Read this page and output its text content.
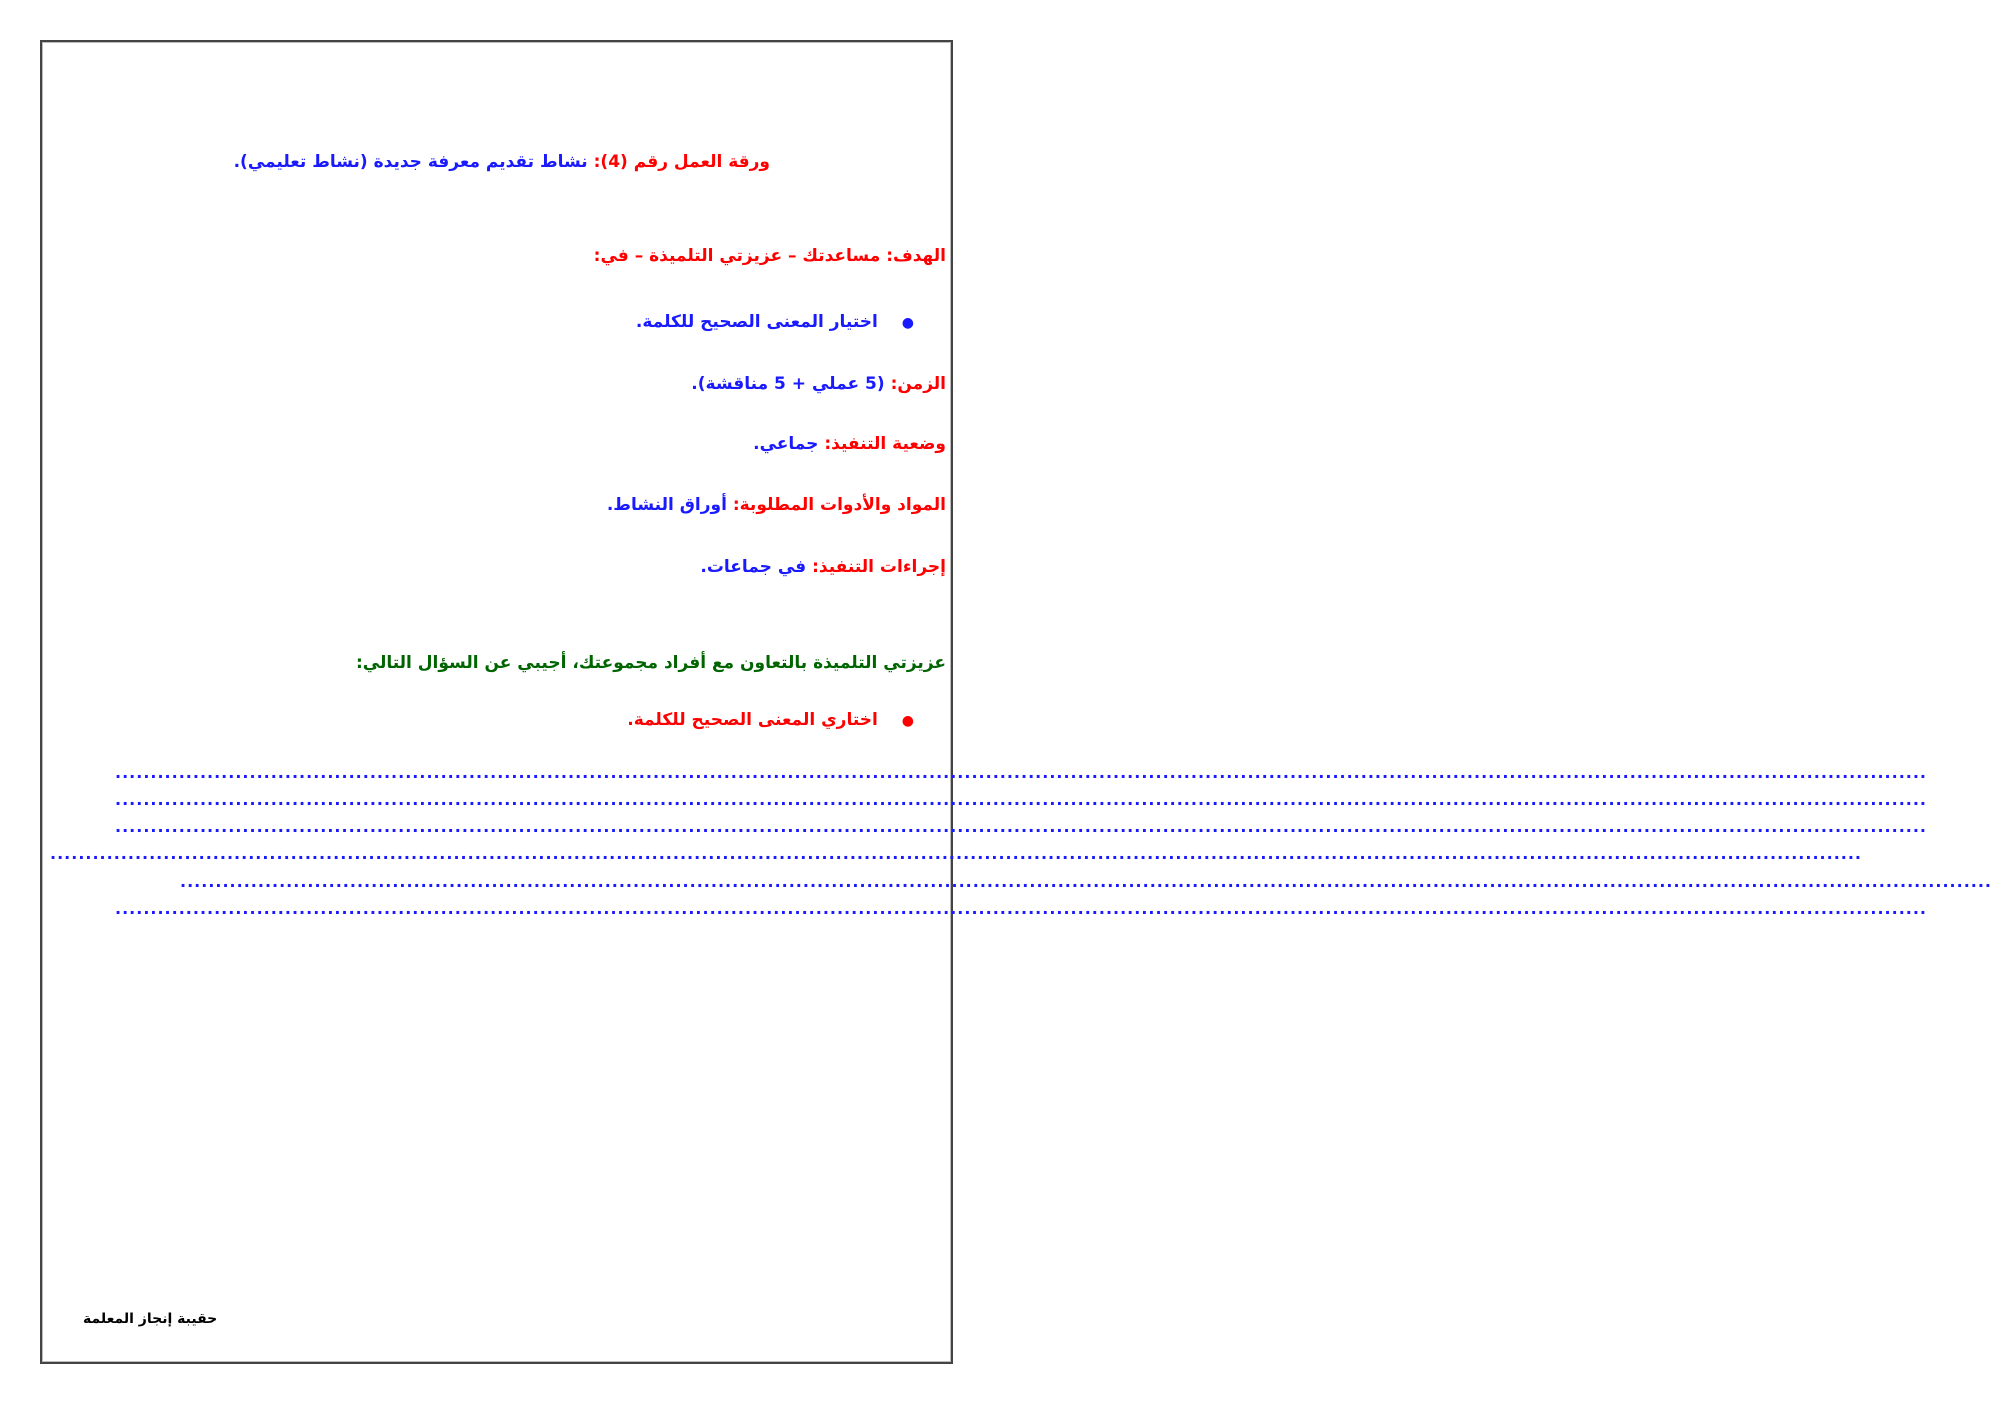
ورقة العمل رقم (4): نشاط تقديم معرفة جديدة (نشاط تعليمي).
الهدف: مساعدتك – عزيزتي التلميذة – في:
● اختيار المعنى الصحيح للكلمة.
الزمن: (5 عملي + 5 مناقشة).
وضعية التنفيذ: جماعي.
المواد والأدوات المطلوبة: أوراق النشاط.
إجراءات التنفيذ: في جماعات.
عزيزتي التلميذة بالتعاون مع أفراد مجموعتك، أجيبي عن السؤال التالي:
● اختاري المعنى الصحيح للكلمة.
................................................................................................................................................................................................................................................................
................................................................................................................................................................................................................................................................
................................................................................................................................................................................................................................................................
................................................................................................................................................................................................................................................................
................................................................................................................................................................................................................................................................
................................................................................................................................................................................................................................................................
حقيبة إنجاز المعلمة
